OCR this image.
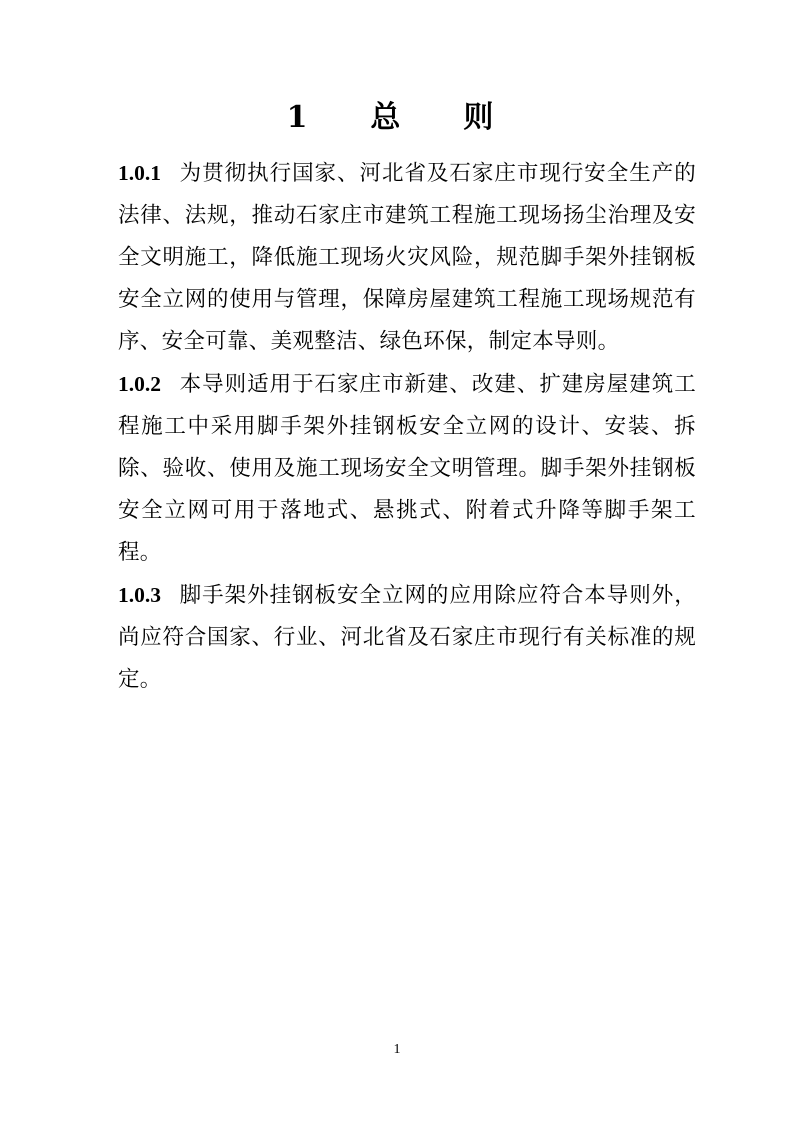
1  总  则

1.0.1 为贯彻执行国家、河北省及石家庄市现行安全生产的法律、法规，推动石家庄市建筑工程施工现场扬尘治理及安全文明施工，降低施工现场火灾风险，规范脚手架外挂钢板安全立网的使用与管理，保障房屋建筑工程施工现场规范有序、安全可靠、美观整洁、绿色环保，制定本导则。

1.0.2 本导则适用于石家庄市新建、改建、扩建房屋建筑工程施工中采用脚手架外挂钢板安全立网的设计、安装、拆除、验收、使用及施工现场安全文明管理。脚手架外挂钢板安全立网可用于落地式、悬挑式、附着式升降等脚手架工程。

1.0.3 脚手架外挂钢板安全立网的应用除应符合本导则外，尚应符合国家、行业、河北省及石家庄市现行有关标准的规定。

1
